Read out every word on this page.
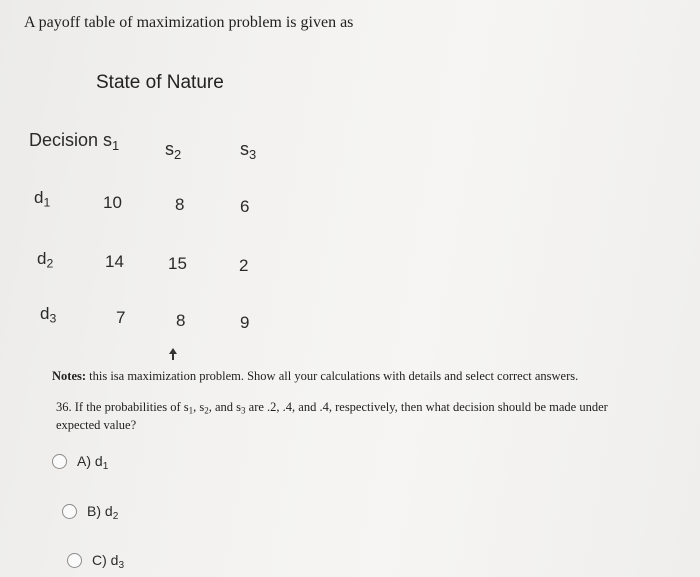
A payoff table of maximization problem is given as
State of Nature
Decision $s_1$	$s_2$	$s_3$
$d_1$	10	8	6
$d_2$	14	15	2
$d_3$	7	8	9
Notes: this isa maximization problem. Show all your calculations with details and select correct answers.
36. If the probabilities of $s_1$, $s_2$, and $s_3$ are .2, .4, and .4, respectively, then what decision should be made under expected value?
A) $d_1$
B) $d_2$
C) $d_3$
